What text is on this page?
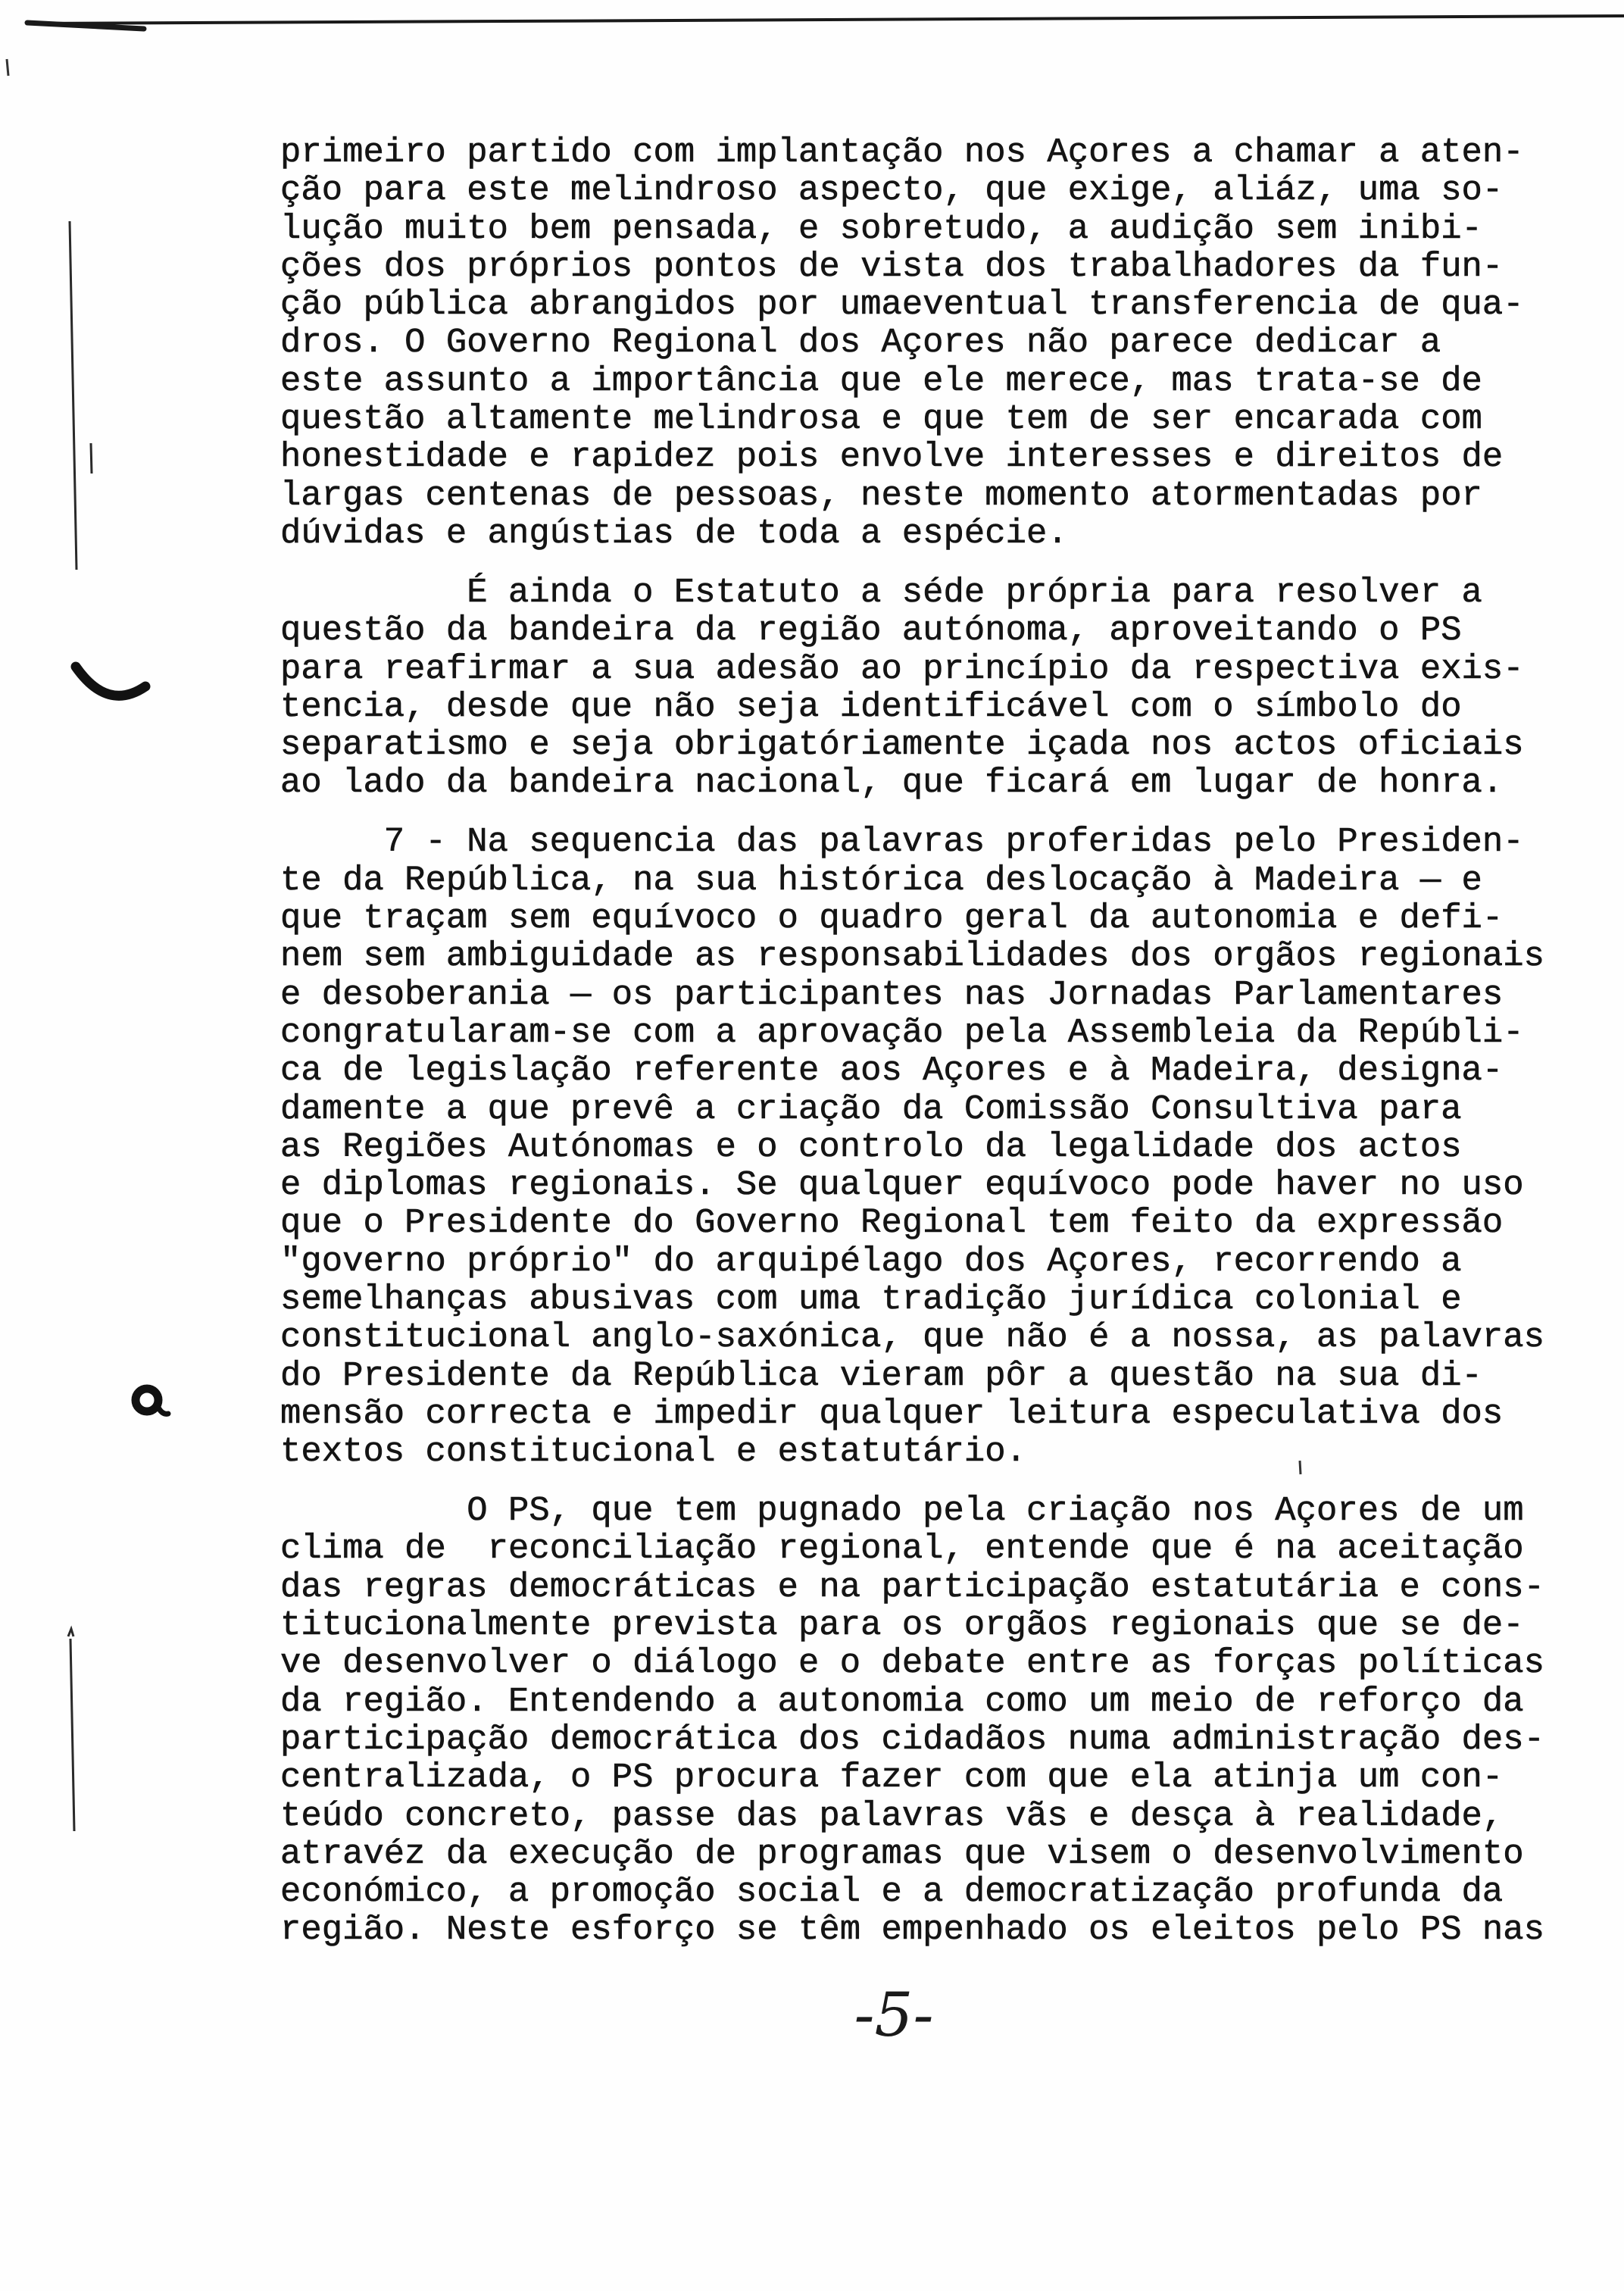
primeiro partido com implantação nos Açores a chamar a aten-
ção para este melindroso aspecto, que exige, aliáz, uma so-
lução muito bem pensada, e sobretudo, a audição sem inibi-
ções dos próprios pontos de vista dos trabalhadores da fun-
ção pública abrangidos por umaeventual transferencia de qua-
dros. O Governo Regional dos Açores não parece dedicar a
este assunto a importância que ele merece, mas trata-se de
questão altamente melindrosa e que tem de ser encarada com
honestidade e rapidez pois envolve interesses e direitos de
largas centenas de pessoas, neste momento atormentadas por
dúvidas e angústias de toda a espécie.
É ainda o Estatuto a séde própria para resolver a
questão da bandeira da região autónoma, aproveitando o PS
para reafirmar a sua adesão ao princípio da respectiva exis-
tencia, desde que não seja identificável com o símbolo do
separatismo e seja obrigatóriamente içada nos actos oficiais
ao lado da bandeira nacional, que ficará em lugar de honra.
7 - Na sequencia das palavras proferidas pelo Presiden-
te da República, na sua histórica deslocação à Madeira — e
que traçam sem equívoco o quadro geral da autonomia e defi-
nem sem ambiguidade as responsabilidades dos orgãos regionais
e desoberania — os participantes nas Jornadas Parlamentares
congratularam-se com a aprovação pela Assembleia da Repúbli-
ca de legislação referente aos Açores e à Madeira, designa-
damente a que prevê a criação da Comissão Consultiva para
as Regiões Autónomas e o controlo da legalidade dos actos
e diplomas regionais. Se qualquer equívoco pode haver no uso
que o Presidente do Governo Regional tem feito da expressão
"governo próprio" do arquipélago dos Açores, recorrendo a
semelhanças abusivas com uma tradição jurídica colonial e
constitucional anglo-saxónica, que não é a nossa, as palavras
do Presidente da República vieram pôr a questão na sua di-
mensão correcta e impedir qualquer leitura especulativa dos
textos constitucional e estatutário.
O PS, que tem pugnado pela criação nos Açores de um
clima de  reconciliação regional, entende que é na aceitação
das regras democráticas e na participação estatutária e cons-
titucionalmente prevista para os orgãos regionais que se de-
ve desenvolver o diálogo e o debate entre as forças políticas
da região. Entendendo a autonomia como um meio de reforço da
participação democrática dos cidadãos numa administração des-
centralizada, o PS procura fazer com que ela atinja um con-
teúdo concreto, passe das palavras vãs e desça à realidade,
atravéz da execução de programas que visem o desenvolvimento
económico, a promoção social e a democratização profunda da
região. Neste esforço se têm empenhado os eleitos pelo PS nas
-5-
